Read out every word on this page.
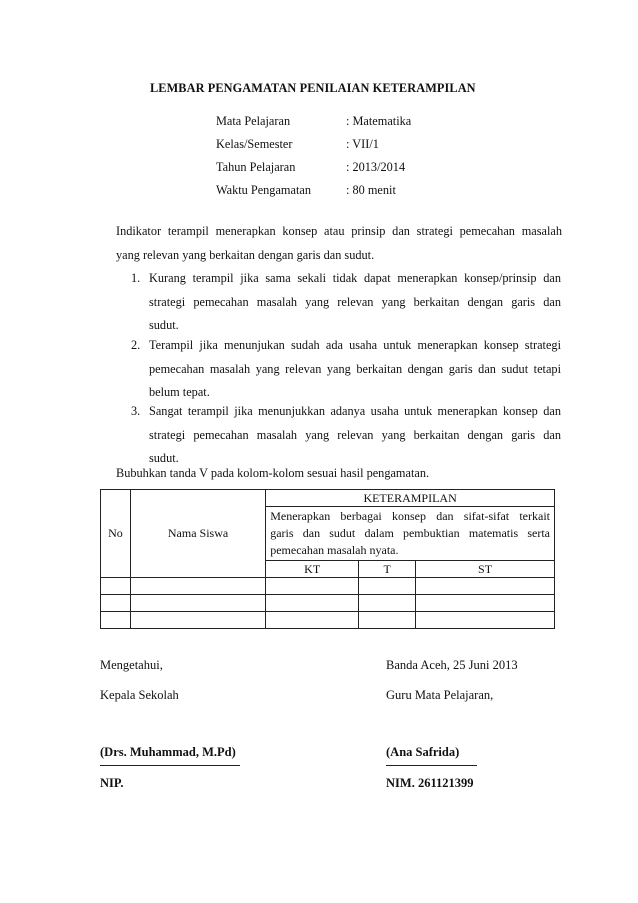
LEMBAR PENGAMATAN PENILAIAN KETERAMPILAN
Mata Pelajaran	: Matematika
Kelas/Semester	: VII/1
Tahun Pelajaran	: 2013/2014
Waktu Pengamatan	: 80 menit
Indikator terampil menerapkan konsep atau prinsip dan strategi pemecahan masalah
yang relevan yang berkaitan dengan garis dan sudut.
1. Kurang terampil jika sama sekali tidak dapat menerapkan konsep/prinsip dan
strategi pemecahan masalah yang relevan yang berkaitan dengan garis dan
sudut.
2. Terampil jika menunjukan sudah ada usaha untuk menerapkan konsep strategi
pemecahan masalah yang relevan yang berkaitan dengan garis dan sudut tetapi
belum tepat.
3. Sangat terampil jika menunjukkan adanya usaha untuk menerapkan konsep dan
strategi pemecahan masalah yang relevan yang berkaitan dengan garis dan
sudut.
Bubuhkan tanda V pada kolom-kolom sesuai hasil pengamatan.
No	Nama Siswa	KETERAMPILAN		

		Menerapkan berbagai konsep dan sifat-sifat terkait
garis dan sudut dalam pembuktian matematis serta
pemecahan masalah nyata.		

		KT	T	ST

Mengetahui,
Kepala Sekolah
(Drs. Muhammad, M.Pd)
NIP.
Banda Aceh, 25 Juni 2013
Guru Mata Pelajaran,
(Ana Safrida)
NIM. 261121399
